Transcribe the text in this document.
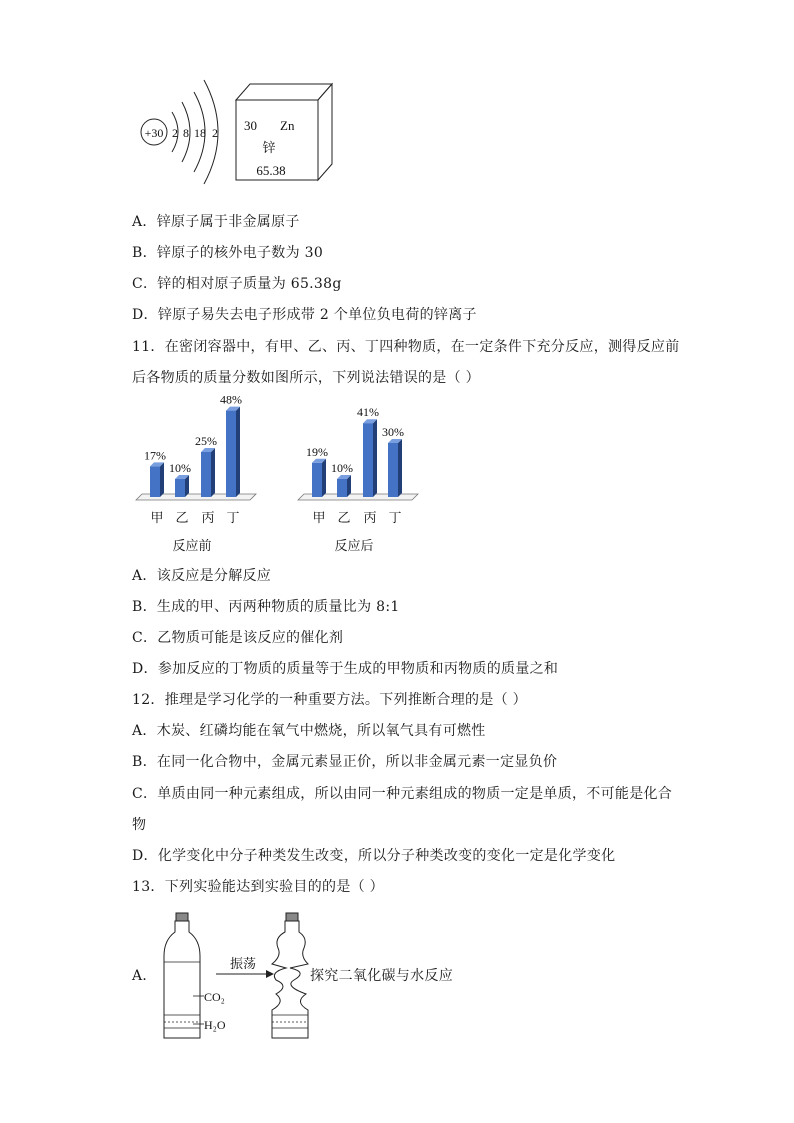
+30 2 8 18 2 30 Zn
锌
65.38
A．锌原子属于非金属原子
B．锌原子的核外电子数为 30
C．锌的相对原子质量为 65.38g
D．锌原子易失去电子形成带 2 个单位负电荷的锌离子
11．在密闭容器中，有甲、乙、丙、丁四种物质，在一定条件下充分反应，测得反应前
后各物质的质量分数如图所示，下列说法错误的是（ ）
17%
甲
10%
乙
25%
丙
48%
丁
反应前
19%
甲
10%
乙
41%
丙
30%
丁
反应后
A．该反应是分解反应
B．生成的甲、丙两种物质的质量比为 8:1
C．乙物质可能是该反应的催化剂
D．参加反应的丁物质的质量等于生成的甲物质和丙物质的质量之和
12．推理是学习化学的一种重要方法。下列推断合理的是（ ）
A．木炭、红磷均能在氧气中燃烧，所以氧气具有可燃性
B．在同一化合物中，金属元素显正价，所以非金属元素一定显负价
C．单质由同一种元素组成，所以由同一种元素组成的物质一定是单质，不可能是化合
物
D．化学变化中分子种类发生改变，所以分子种类改变的变化一定是化学变化
13．下列实验能达到实验目的的是（ ）
A．
CO₂
H₂O
振荡
探究二氧化碳与水反应
